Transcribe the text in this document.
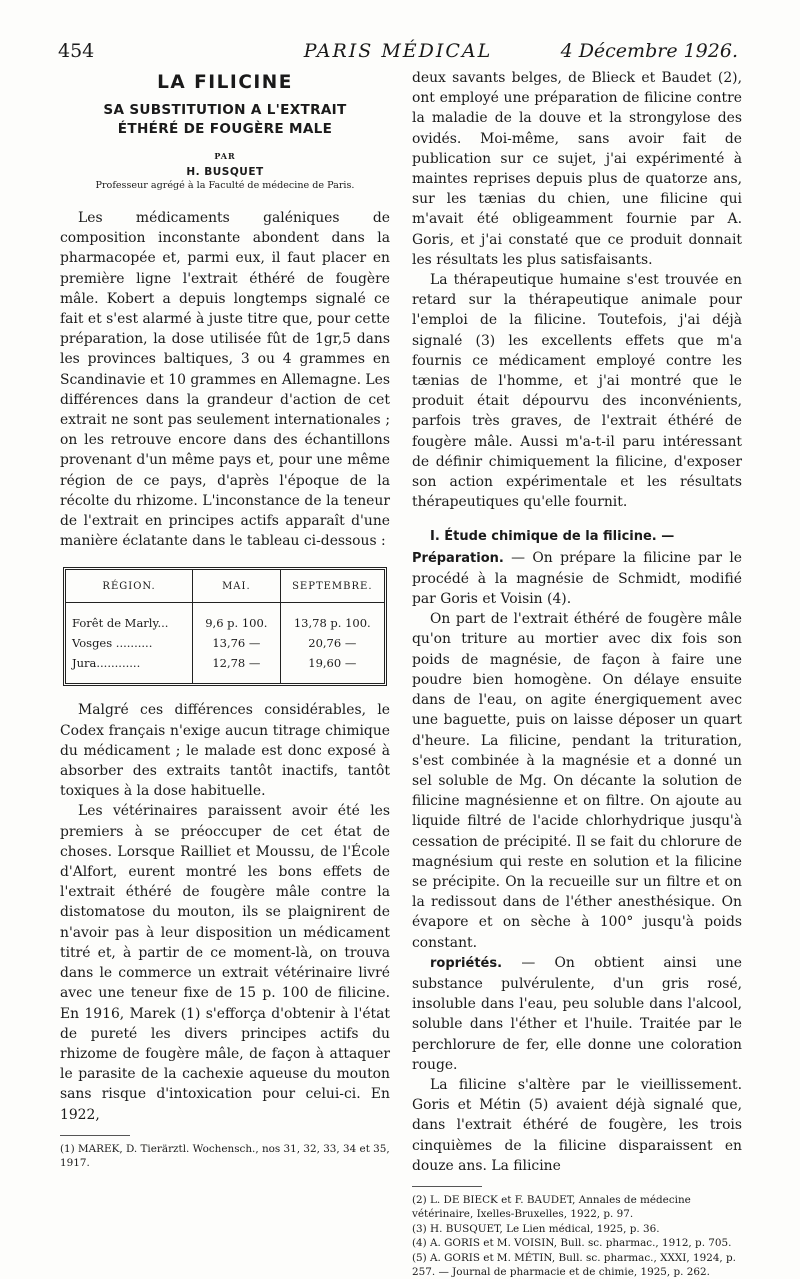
454	PARIS MÉDICAL	4 Décembre 1926.
LA FILICINE
SA SUBSTITUTION A L'EXTRAIT
ÉTHÉRÉ DE FOUGÈRE MALE
PAR
H. BUSQUET
Professeur agrégé à la Faculté de médecine de Paris.

Les médicaments galéniques de composition inconstante abondent dans la pharmacopée et, parmi eux, il faut placer en première ligne l'extrait éthéré de fougère mâle. Kobert a depuis longtemps signalé ce fait et s'est alarmé à juste titre que, pour cette préparation, la dose utilisée fût de 1gr,5 dans les provinces baltiques, 3 ou 4 grammes en Scandinavie et 10 grammes en Allemagne. Les différences dans la grandeur d'action de cet extrait ne sont pas seulement internationales ; on les retrouve encore dans des échantillons provenant d'un même pays et, pour une même région de ce pays, d'après l'époque de la récolte du rhizome. L'inconstance de la teneur de l'extrait en principes actifs apparaît d'une manière éclatante dans le tableau ci-dessous :

RÉGION.	MAI.	SEPTEMBRE.
Forêt de Marly...	9,6 p. 100.	13,78 p. 100.
Vosges ..........	13,76 —	20,76 —
Jura............	12,78 —	19,60 —

Malgré ces différences considérables, le Codex français n'exige aucun titrage chimique du médicament ; le malade est donc exposé à absorber des extraits tantôt inactifs, tantôt toxiques à la dose habituelle.

Les vétérinaires paraissent avoir été les premiers à se préoccuper de cet état de choses. Lorsque Railliet et Moussu, de l'École d'Alfort, eurent montré les bons effets de l'extrait éthéré de fougère mâle contre la distomatose du mouton, ils se plaignirent de n'avoir pas à leur disposition un médicament titré et, à partir de ce moment-là, on trouva dans le commerce un extrait vétérinaire livré avec une teneur fixe de 15 p. 100 de filicine. En 1916, Marek (1) s'efforça d'obtenir à l'état de pureté les divers principes actifs du rhizome de fougère mâle, de façon à attaquer le parasite de la cachexie aqueuse du mouton sans risque d'intoxication pour celui-ci. En 1922,

(1) MAREK, D. Tierärztl. Wochensch., nos 31, 32, 33, 34 et 35, 1917.

deux savants belges, de Blieck et Baudet (2), ont employé une préparation de filicine contre la maladie de la douve et la strongylose des ovidés. Moi-même, sans avoir fait de publication sur ce sujet, j'ai expérimenté à maintes reprises depuis plus de quatorze ans, sur les tænias du chien, une filicine qui m'avait été obligeamment fournie par A. Goris, et j'ai constaté que ce produit donnait les résultats les plus satisfaisants.

La thérapeutique humaine s'est trouvée en retard sur la thérapeutique animale pour l'emploi de la filicine. Toutefois, j'ai déjà signalé (3) les excellents effets que m'a fournis ce médicament employé contre les tænias de l'homme, et j'ai montré que le produit était dépourvu des inconvénients, parfois très graves, de l'extrait éthéré de fougère mâle. Aussi m'a-t-il paru intéressant de définir chimiquement la filicine, d'exposer son action expérimentale et les résultats thérapeutiques qu'elle fournit.

I. Étude chimique de la filicine. —
Préparation. — On prépare la filicine par le procédé à la magnésie de Schmidt, modifié par Goris et Voisin (4).

On part de l'extrait éthéré de fougère mâle qu'on triture au mortier avec dix fois son poids de magnésie, de façon à faire une poudre bien homogène. On délaye ensuite dans de l'eau, on agite énergiquement avec une baguette, puis on laisse déposer un quart d'heure. La filicine, pendant la trituration, s'est combinée à la magnésie et a donné un sel soluble de Mg. On décante la solution de filicine magnésienne et on filtre. On ajoute au liquide filtré de l'acide chlorhydrique jusqu'à cessation de précipité. Il se fait du chlorure de magnésium qui reste en solution et la filicine se précipite. On la recueille sur un filtre et on la redissout dans de l'éther anesthésique. On évapore et on sèche à 100° jusqu'à poids constant.

ropriétés. — On obtient ainsi une substance pulvérulente, d'un gris rosé, insoluble dans l'eau, peu soluble dans l'alcool, soluble dans l'éther et l'huile. Traitée par le perchlorure de fer, elle donne une coloration rouge.

La filicine s'altère par le vieillissement. Goris et Métin (5) avaient déjà signalé que, dans l'extrait éthéré de fougère, les trois cinquièmes de la filicine disparaissent en douze ans. La filicine

(2) L. DE BIECK et F. BAUDET, Annales de médecine vétérinaire, Ixelles-Bruxelles, 1922, p. 97.

(3) H. BUSQUET, Le Lien médical, 1925, p. 36.

(4) A. GORIS et M. VOISIN, Bull. sc. pharmac., 1912, p. 705.

(5) A. GORIS et M. MÉTIN, Bull. sc. pharmac., XXXI, 1924, p. 257. — Journal de pharmacie et de chimie, 1925, p. 262.
